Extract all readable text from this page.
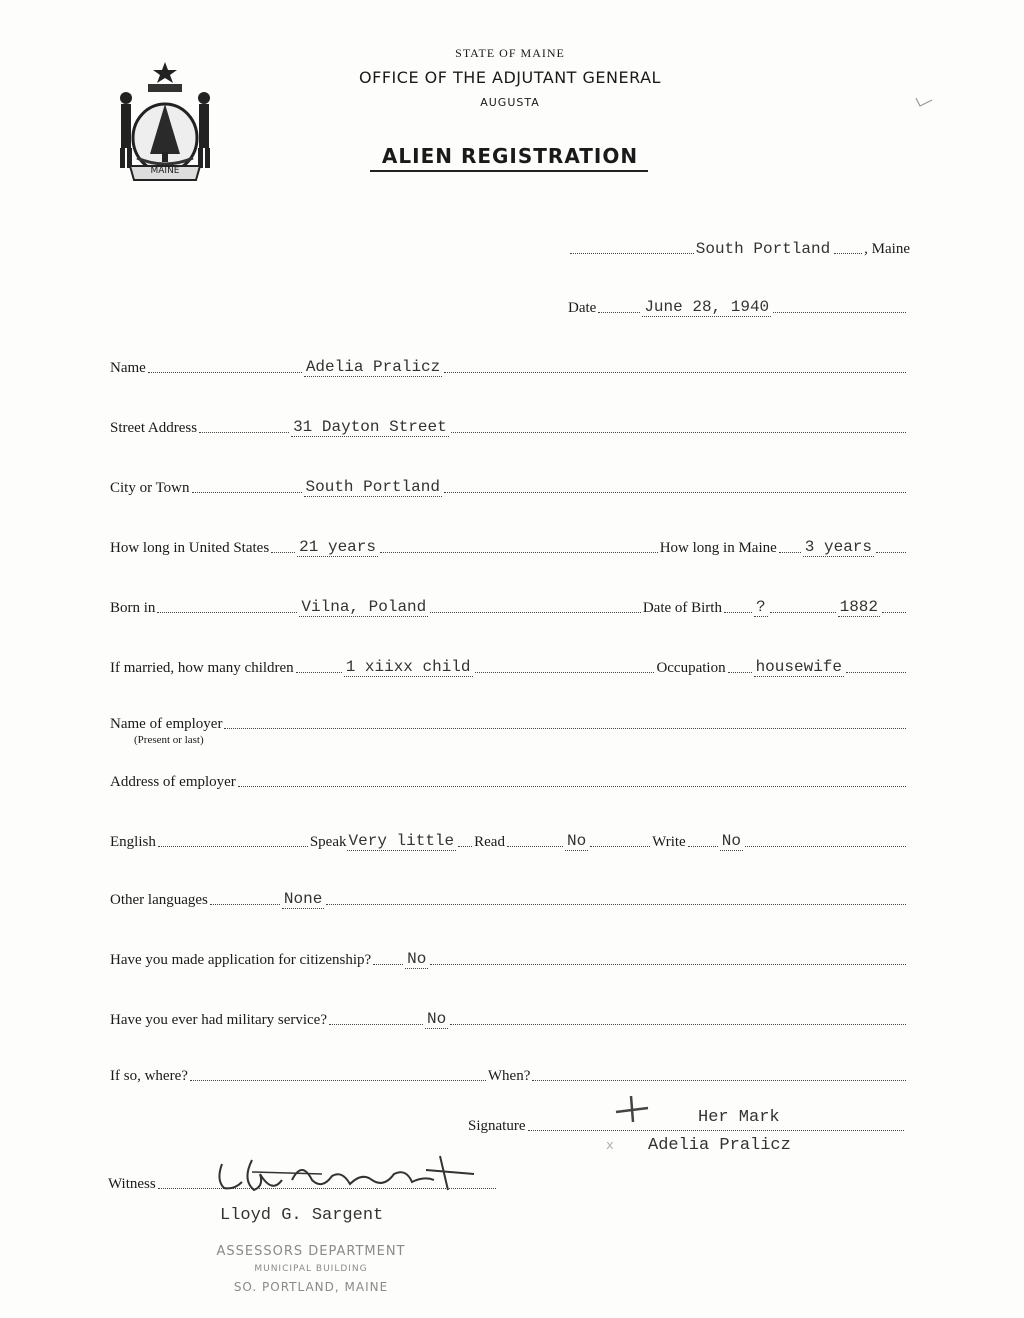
MAINE
STATE OF MAINE
OFFICE OF THE ADJUTANT GENERAL
AUGUSTA
ALIEN REGISTRATION
South Portland , Maine
Date	June 28, 1940
Name	Adelia Pralicz
Street Address	31 Dayton Street
City or Town	South Portland
How long in United States 21 years	How long in Maine 3 years
Born in	Vilna, Poland	Date of Birth ?	1882
If married, how many children	1 xiixx child	Occupation housewife
Name of employer
(Present or last)
Address of employer
English	Speak Very little Read	No	Write No
Other languages	None
Have you made application for citizenship? No
Have you ever had military service?	No
If so, where?	When?
Signature	Her Mark
x Adelia Pralicz
Witness
Lloyd G. Sargent
ASSESSORS DEPARTMENT
MUNICIPAL BUILDING
SO. PORTLAND, MAINE
